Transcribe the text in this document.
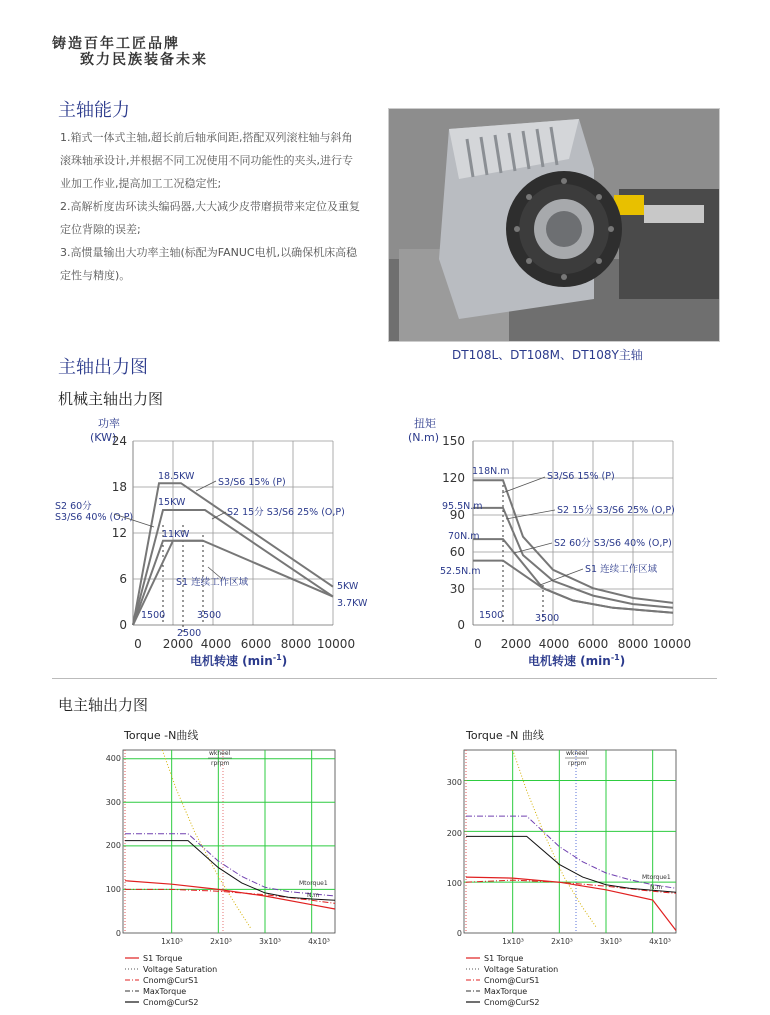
铸造百年工匠品牌
致力民族装备未来
主轴能力

1.箱式一体式主轴,超长前后轴承间距,搭配双列滚柱轴与斜角滚珠轴承设计,并根据不同工况使用不同功能性的夹头,进行专业加工作业,提高加工工况稳定性;

2.高解析度齿环读头编码器,大大减少皮带磨损带来定位及重复定位背隙的误差;

3.高惯量输出大功率主轴(标配为FANUC电机,以确保机床高稳定性与精度)。

DT108L、DT108M、DT108Y主轴
主轴出力图
机械主轴出力图
功率
(KW)
0
6
12
18
24
0 2000 4000 6000 8000 10000
电机转速 $(\min^{-1})$
18.5KW
15KW
11KW
S3/S6 15% (P)
S2 15分 S3/S6 25% (O,P)
S2 60分
S3/S6 40% (O,P)
S1 连续工作区域	5KW
3.7KW
1500
2500
3500
扭矩
(N.m)
0
30
60
90
120
150
0 2000 4000 6000 8000 10000
电机转速 $(\min^{-1})$
118N.m
95.5N.m
70N.m
52.5N.m
S3/S6 15% (P)
S2 15分 S3/S6 25% (O,P)
S2 60分 S3/S6 40% (O,P)
S1 连续工作区域
1500	3500
电主轴出力图
Torque -N曲线
0
100
200
300
400
1x10³	2x10³	3x10³	4x10³
wkneel
rprpm
Mtorque1
N.m
S1 Torque
Voltage Saturation
Cnom@CurS1
MaxTorque
Cnom@CurS2
Torque -N 曲线
0
100
200
300
1x10³	2x10³	3x10³	4x10³
wkneel
rprpm
Mtorque1
N.m
S1 Torque
Voltage Saturation
Cnom@CurS1
MaxTorque
Cnom@CurS2
